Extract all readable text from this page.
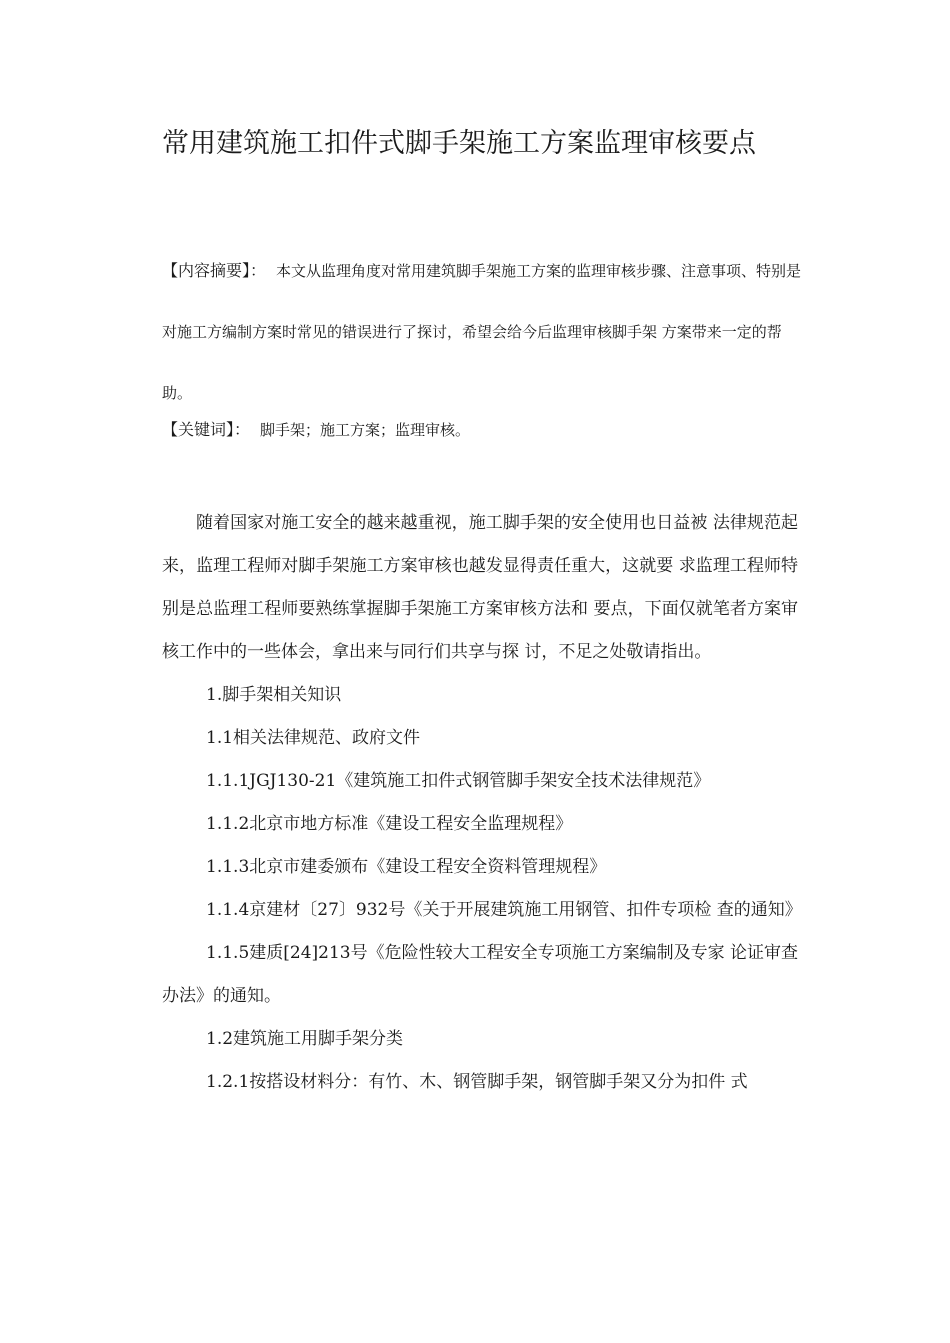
常用建筑施工扣件式脚手架施工方案监理审核要点

【内容摘要】： 本文从监理角度对常用建筑脚手架施工方案的监理审核步骤、注意事项、特别是对施工方编制方案时常见的错误进行了探讨，希望会给今后监理审核脚手架 方案带来一定的帮助。

【关键词】： 脚手架；施工方案；监理审核。

随着国家对施工安全的越来越重视，施工脚手架的安全使用也日益被 法律规范起来，监理工程师对脚手架施工方案审核也越发显得责任重大，这就要 求监理工程师特别是总监理工程师要熟练掌握脚手架施工方案审核方法和 要点，下面仅就笔者方案审核工作中的一些体会，拿出来与同行们共享与探 讨，不足之处敬请指出。

1.脚手架相关知识

1.1相关法律规范、政府文件

1.1.1JGJ130-21《建筑施工扣件式钢管脚手架安全技术法律规范》

1.1.2北京市地方标准《建设工程安全监理规程》

1.1.3北京市建委颁布《建设工程安全资料管理规程》

1.1.4京建材〔27〕932号《关于开展建筑施工用钢管、扣件专项检 查的通知》

1.1.5建质[24]213号《危险性较大工程安全专项施工方案编制及专家 论证审查办法》的通知。

1.2建筑施工用脚手架分类

1.2.1按搭设材料分：有竹、木、钢管脚手架，钢管脚手架又分为扣件 式
